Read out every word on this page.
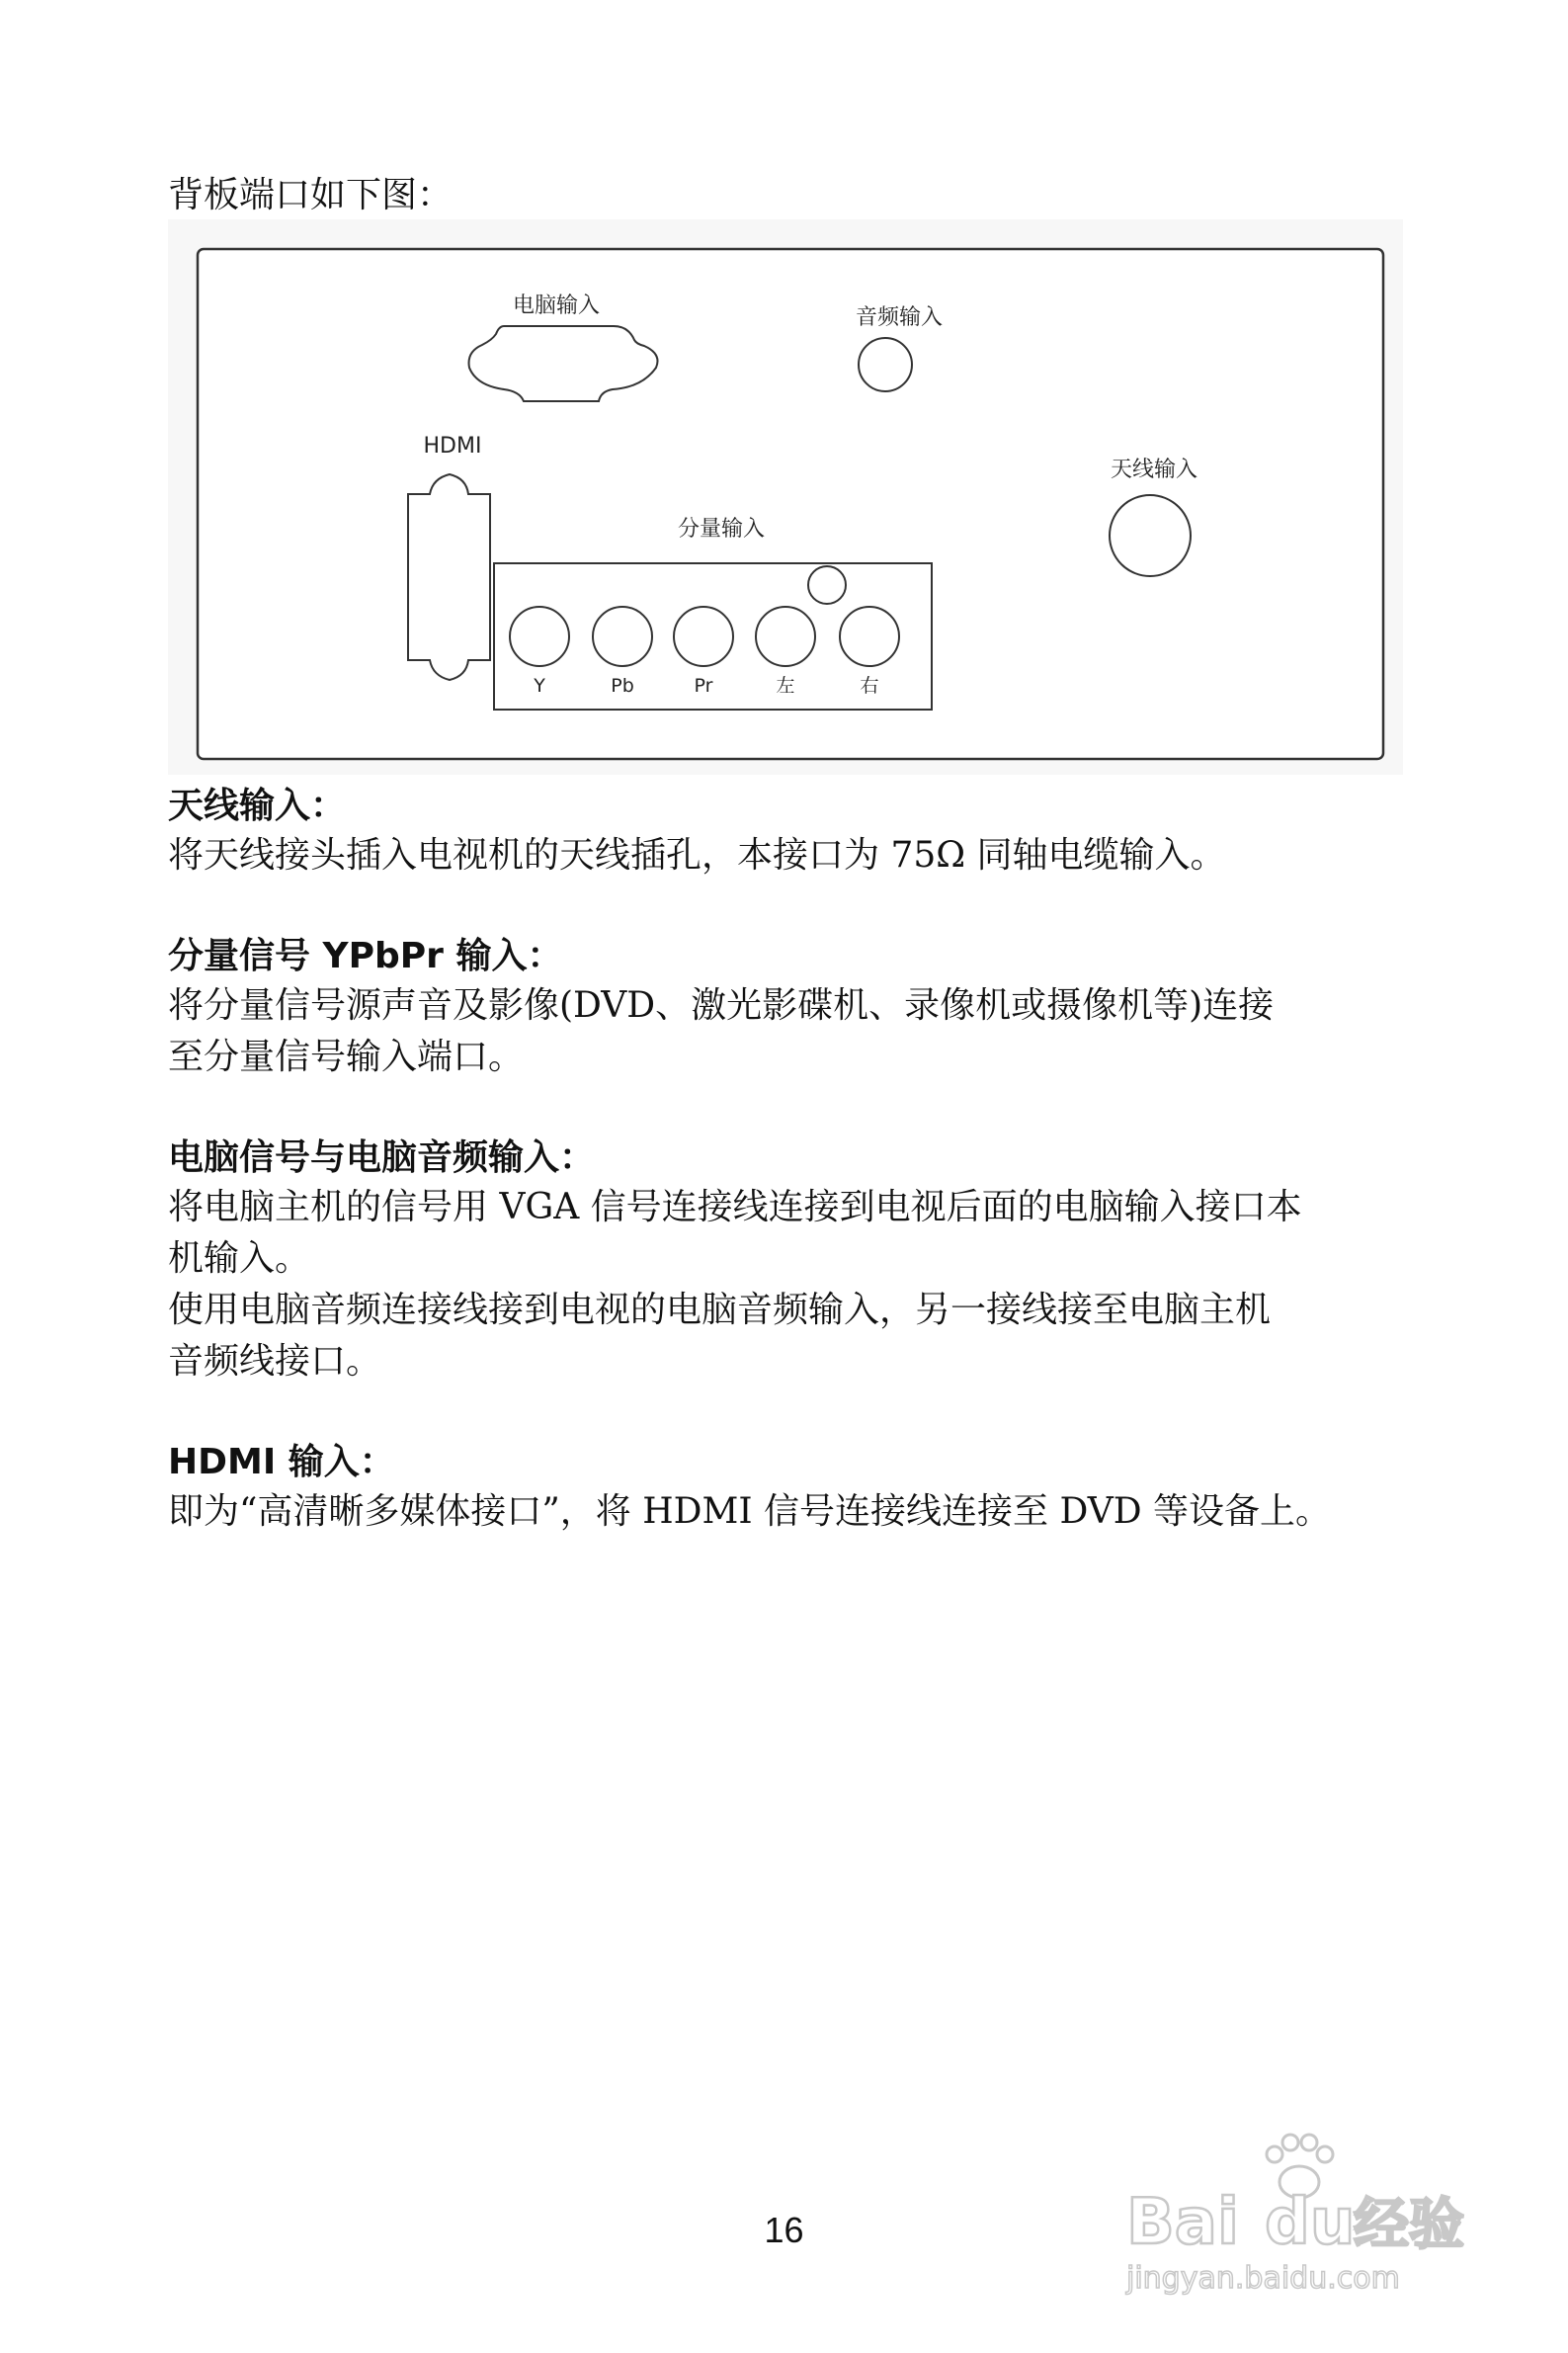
背板端口如下图：
电脑输入	音频输入
HDMI
天线输入
分量输入
Y	Pb	Pr	左	右
天线输入：
将天线接头插入电视机的天线插孔，本接口为 75Ω 同轴电缆输入。
分量信号 YPbPr 输入：
将分量信号源声音及影像(DVD、激光影碟机、录像机或摄像机等)连接
至分量信号输入端口。
电脑信号与电脑音频输入：
将电脑主机的信号用 VGA 信号连接线连接到电视后面的电脑输入接口本
机输入。
使用电脑音频连接线接到电视的电脑音频输入，另一接线接至电脑主机
音频线接口。
HDMI 输入：
即为“高清晰多媒体接口”，将 HDMI 信号连接线连接至 DVD 等设备上。
16	Bai du
经验
jingyan.baidu.com
